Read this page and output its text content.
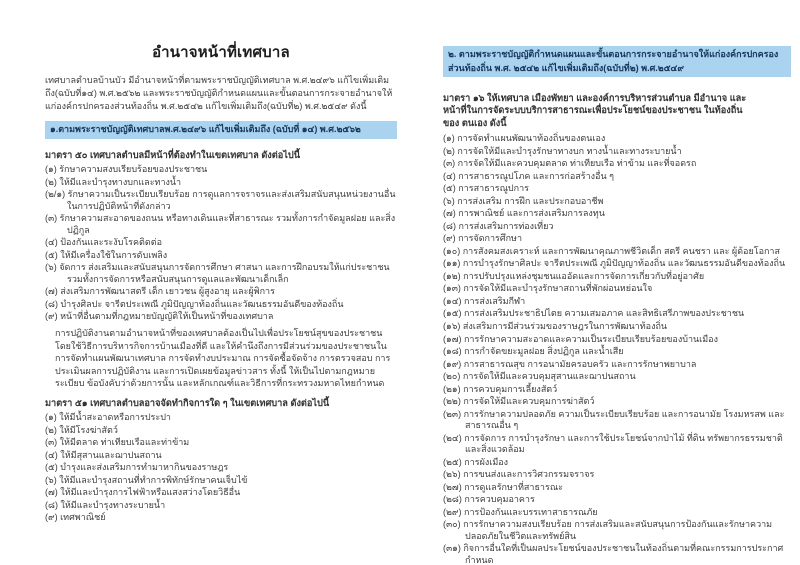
อำนาจหน้าที่เทศบาล

เทศบาลตำบลบ้านบัว มีอำนาจหน้าที่ตามพระราชบัญญัติเทศบาล พ.ศ.๒๔๙๖ แก้ไขเพิ่มเติมถึง(ฉบับที่๑๔) พ.ศ.๒๕๖๒ และพระราชบัญญัติกำหนดแผนและขั้นตอนการกระจายอำนาจให้แก่องค์กรปกครองส่วนท้องถิ่น พ.ศ.๒๕๔๒ แก้ไขเพิ่มเติมถึง(ฉบับที่๒) พ.ศ.๒๕๔๙ ดังนี้

๑.ตามพระราชบัญญัติเทศบาลพ.ศ.๒๔๙๖ แก้ไขเพิ่มเติมถึง (ฉบับที่ ๑๔) พ.ศ.๒๕๖๒

มาตรา ๕๐ เทศบาลตำบลมีหน้าที่ต้องทำในเขตเทศบาล ดังต่อไปนี้

(๑) รักษาความสงบเรียบร้อยของประชาชน
(๒) ให้มีและบำรุงทางบกและทางน้ำ
(๒/๑) รักษาความเป็นระเบียบเรียบร้อย การดูแลการจราจรและส่งเสริมสนับสนุนหน่วยงานอื่นในการปฏิบัติหน้าที่ดังกล่าว
(๓) รักษาความสะอาดของถนน หรือทางเดินและที่สาธารณะ รวมทั้งการกำจัดมูลฝอย และสิ่งปฏิกูล
(๔) ป้องกันและระงับโรคติดต่อ
(๕) ให้มีเครื่องใช้ในการดับเพลิง
(๖) จัดการ ส่งเสริมและสนับสนุนการจัดการศึกษา ศาสนา และการฝึกอบรมให้แก่ประชาชนรวมทั้งการจัดการหรือสนับสนุนการดูแลและพัฒนาเด็กเล็ก
(๗) ส่งเสริมการพัฒนาสตรี เด็ก เยาวชน ผู้สูงอายุ และผู้พิการ
(๘) บำรุงศิลปะ จารีตประเพณี ภูมิปัญญาท้องถิ่นและวัฒนธรรมอันดีของท้องถิ่น
(๙) หน้าที่อื่นตามที่กฎหมายบัญญัติให้เป็นหน้าที่ของเทศบาล

การปฏิบัติงานตามอำนาจหน้าที่ของเทศบาลต้องเป็นไปเพื่อประโยชน์สุขของประชาชนโดยใช้วิธีการบริหารกิจการบ้านเมืองที่ดี และให้คำนึงถึงการมีส่วนร่วมของประชาชนในการจัดทำแผนพัฒนาเทศบาล การจัดทำงบประมาณ การจัดซื้อจัดจ้าง การตรวจสอบ การประเมินผลการปฏิบัติงาน และการเปิดเผยข้อมูลข่าวสาร ทั้งนี้ ให้เป็นไปตามกฎหมาย ระเบียบ ข้อบังคับว่าด้วยการนั้น และหลักเกณฑ์และวิธีการที่กระทรวงมหาดไทยกำหนด

มาตรา ๕๑ เทศบาลตำบลอาจจัดทำกิจการใด ๆ ในเขตเทศบาล ดังต่อไปนี้

(๑) ให้มีน้ำสะอาดหรือการประปา
(๒) ให้มีโรงฆ่าสัตว์
(๓) ให้มีตลาด ท่าเทียบเรือและท่าข้าม
(๔) ให้มีสุสานและฌาปนสถาน
(๕) บำรุงและส่งเสริมการทำมาหากินของราษฎร
(๖) ให้มีและบำรุงสถานที่ทำการพิทักษ์รักษาคนเจ็บไข้
(๗) ให้มีและบำรุงการไฟฟ้าหรือแสงสว่างโดยวิธีอื่น
(๘) ให้มีและบำรุงทางระบายน้ำ
(๙) เทศพาณิชย์
๒. ตามพระราชบัญญัติกำหนดแผนและขั้นตอนการกระจายอำนาจให้แก่องค์กรปกครองส่วนท้องถิ่น พ.ศ. ๒๕๔๒ แก้ไขเพิ่มเติมถึง(ฉบับที่๒) พ.ศ.๒๕๔๙

มาตรา ๑๖ ให้เทศบาล เมืองพัทยา และองค์การบริหารส่วนตำบล มีอำนาจ และหน้าที่ในการจัดระบบบริการสาธารณะเพื่อประโยชน์ของประชาชน ในท้องถิ่นของ ตนเอง ดังนี้

(๑) การจัดทำแผนพัฒนาท้องถิ่นของตนเอง
(๒) การจัดให้มีและบำรุงรักษาทางบก ทางน้ำและทางระบายน้ำ
(๓) การจัดให้มีและควบคุมตลาด ท่าเทียบเรือ ท่าข้าม และที่จอดรถ
(๔) การสาธารณูปโภค และการก่อสร้างอื่น ๆ
(๕) การสาธารณูปการ
(๖) การส่งเสริม การฝึก และประกอบอาชีพ
(๗) การพาณิชย์ และการส่งเสริมการลงทุน
(๘) การส่งเสริมการท่องเที่ยว
(๙) การจัดการศึกษา
(๑๐) การสังคมสงเคราะห์ และการพัฒนาคุณภาพชีวิตเด็ก สตรี คนชรา และ ผู้ด้อยโอกาส
(๑๑) การบำรุงรักษาศิลปะ จารีตประเพณี ภูมิปัญญาท้องถิ่น และวัฒนธรรมอันดีของท้องถิ่น
(๑๒) การปรับปรุงแหล่งชุมชนแออัดและการจัดการเกี่ยวกับที่อยู่อาศัย
(๑๓) การจัดให้มีและบำรุงรักษาสถานที่พักผ่อนหย่อนใจ
(๑๔) การส่งเสริมกีฬา
(๑๕) การส่งเสริมประชาธิปไตย ความเสมอภาค และสิทธิเสรีภาพของประชาชน
(๑๖) ส่งเสริมการมีส่วนร่วมของราษฎรในการพัฒนาท้องถิ่น
(๑๗) การรักษาความสะอาดและความเป็นระเบียบเรียบร้อยของบ้านเมือง
(๑๘) การกำจัดขยะมูลฝอย สิ่งปฏิกูล และน้ำเสีย
(๑๙) การสาธารณสุข การอนามัยครอบครัว และการรักษาพยาบาล
(๒๐) การจัดให้มีและควบคุมสุสานและฌาปนสถาน
(๒๑) การควบคุมการเลี้ยงสัตว์
(๒๒) การจัดให้มีและควบคุมการฆ่าสัตว์
(๒๓) การรักษาความปลอดภัย ความเป็นระเบียบเรียบร้อย และการอนามัย โรงมหรสพ และสาธารณอื่น ๆ
(๒๔) การจัดการ การบำรุงรักษา และการใช้ประโยชน์จากป่าไม้ ที่ดิน ทรัพยากรธรรมชาติ และสิ่งแวดล้อม
(๒๕) การผังเมือง
(๒๖) การขนส่งและการวิศวกรรมจราจร
(๒๗) การดูแลรักษาที่สาธารณะ
(๒๘) การควบคุมอาคาร
(๒๙) การป้องกันและบรรเทาสาธารณภัย
(๓๐) การรักษาความสงบเรียบร้อย การส่งเสริมและสนับสนุนการป้องกันและรักษาความ ปลอดภัยในชีวิตและทรัพย์สิน
(๓๑) กิจการอื่นใดที่เป็นผลประโยชน์ของประชาชนในท้องถิ่นตามที่คณะกรรมการประกาศกำหนด
